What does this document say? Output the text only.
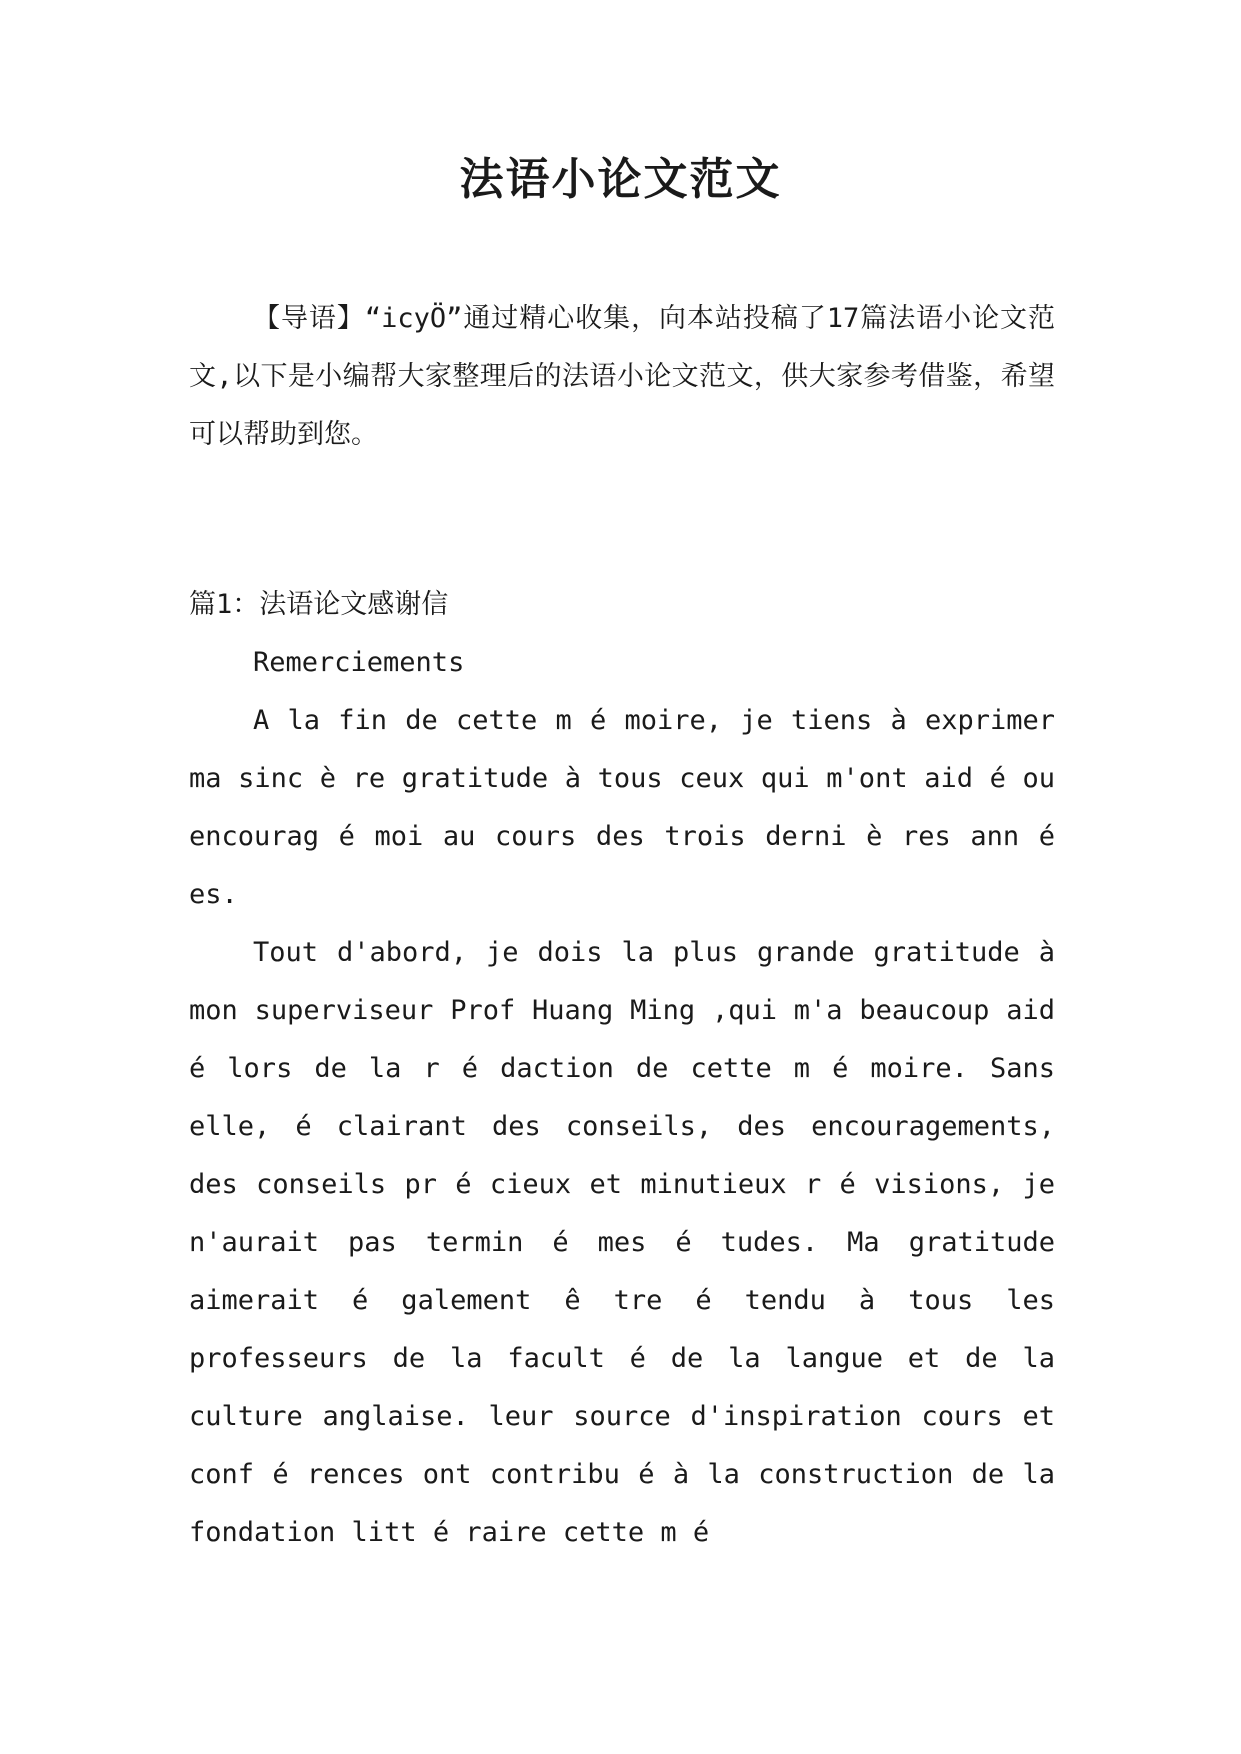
法语小论文范文

【导语】“icyÖ”通过精心收集，向本站投稿了17篇法语小论文范文,以下是小编帮大家整理后的法语小论文范文，供大家参考借鉴，希望可以帮助到您。

篇1：法语论文感谢信

Remerciements

A la fin de cette m é moire, je tiens à exprimer ma sinc è re gratitude à tous ceux qui m'ont aid é ou encourag é moi au cours des trois derni è res ann é es.

Tout d'abord, je dois la plus grande gratitude à mon superviseur Prof Huang Ming ,qui m'a beaucoup aid é lors de la r é daction de cette m é moire. Sans elle, é clairant des conseils, des encouragements, des conseils pr é cieux et minutieux r é visions, je n'aurait pas termin é mes é tudes. Ma gratitude aimerait é galement ê tre é tendu à tous les professeurs de la facult é de la langue et de la culture anglaise. leur source d'inspiration cours et conf é rences ont contribu é à la construction de la fondation litt é raire cette m é
